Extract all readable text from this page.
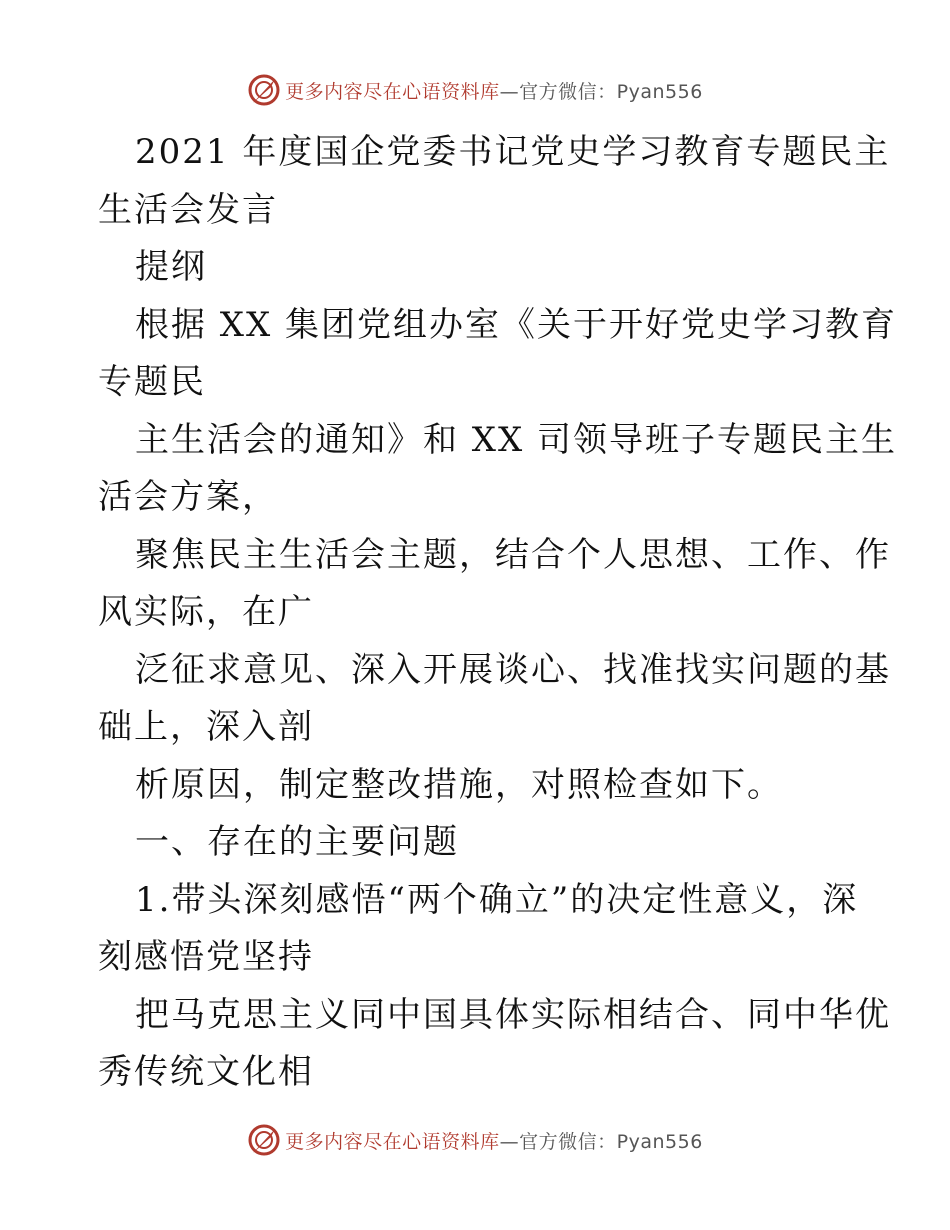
更多内容尽在心语资料库—官方微信：Pyan556
2021 年度国企党委书记党史学习教育专题民主
生活会发言
提纲
根据 XX 集团党组办室《关于开好党史学习教育
专题民
主生活会的通知》和 XX 司领导班子专题民主生
活会方案，
聚焦民主生活会主题，结合个人思想、工作、作
风实际，在广
泛征求意见、深入开展谈心、找准找实问题的基
础上，深入剖
析原因，制定整改措施，对照检查如下。
一、存在的主要问题
1.带头深刻感悟“两个确立”的决定性意义，深
刻感悟党坚持
把马克思主义同中国具体实际相结合、同中华优
秀传统文化相
更多内容尽在心语资料库—官方微信：Pyan556
